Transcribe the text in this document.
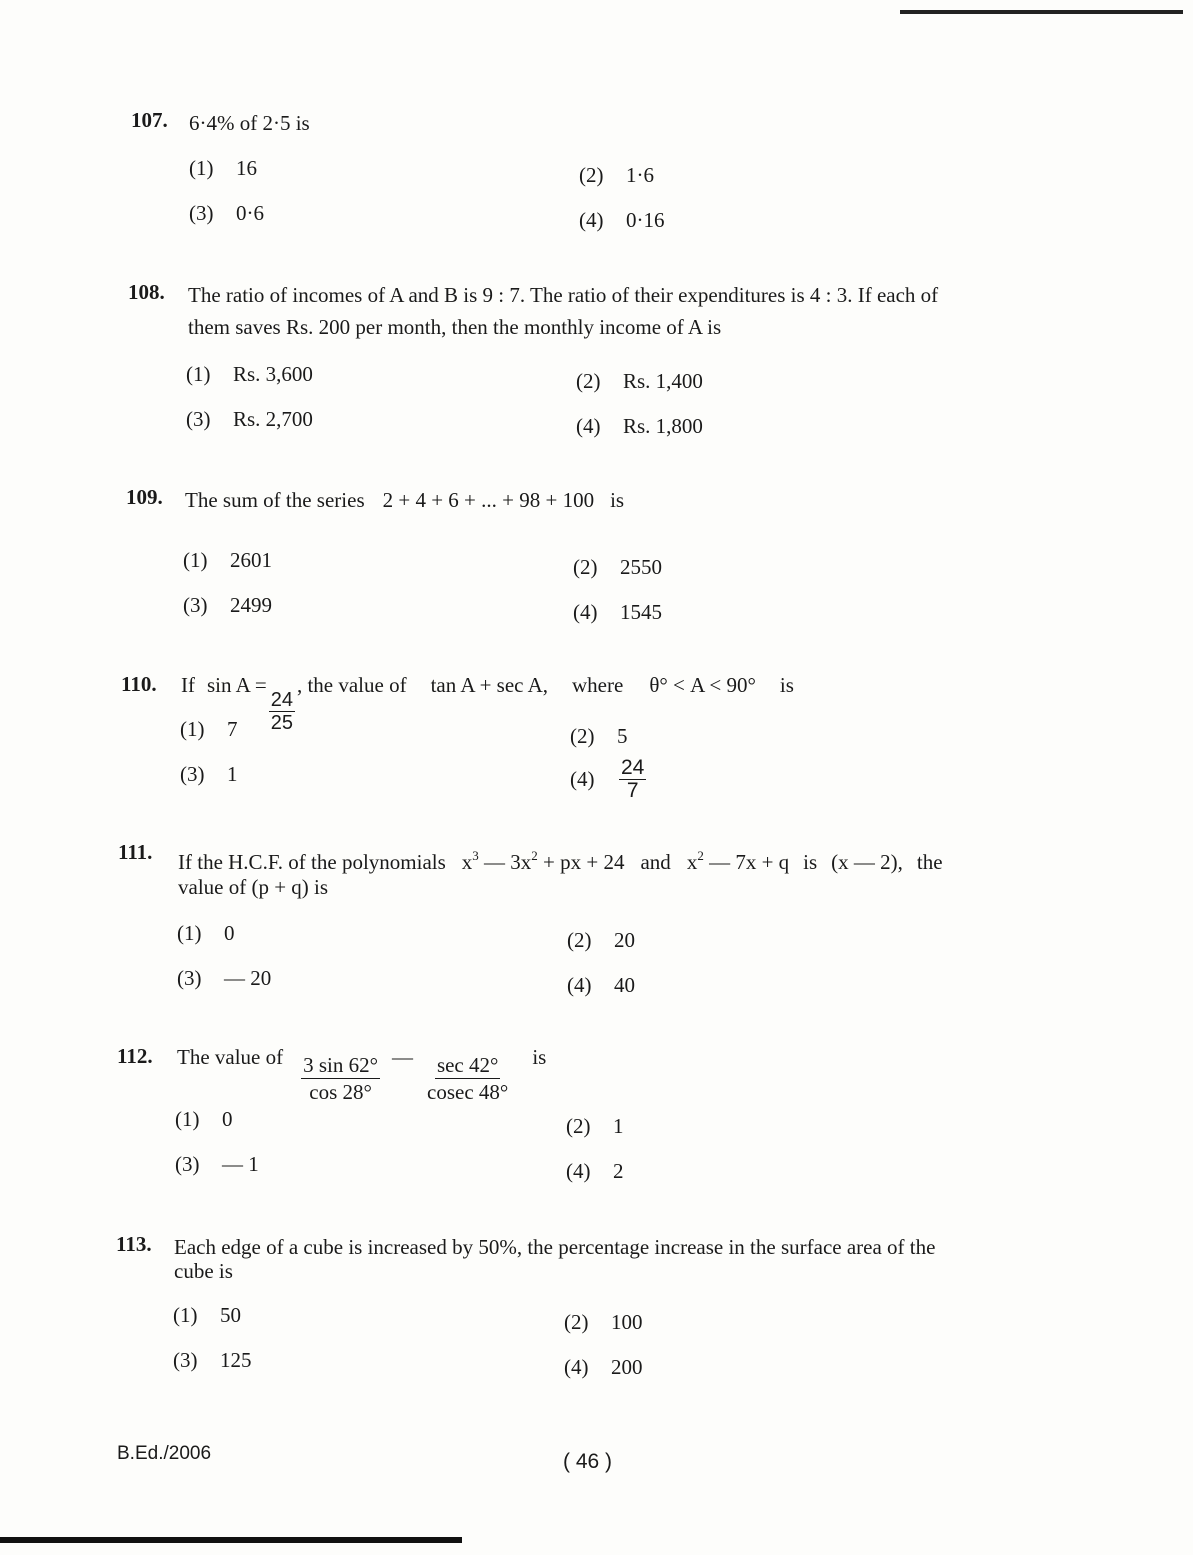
107. 6·4% of 2·5 is
(1) 16	(2) 1·6
(3) 0·6	(4) 0·16
108. The ratio of incomes of A and B is 9 : 7. The ratio of their expenditures is 4 : 3. If each of
them saves Rs. 200 per month, then the monthly income of A is
(1) Rs. 3,600	(2) Rs. 1,400
(3) Rs. 2,700	(4) Rs. 1,800
109. The sum of the series 2 + 4 + 6 + ... + 98 + 100 is
(1) 2601	(2) 2550
(3) 2499	(4) 1545
110. If sin A =
$\frac{24}{25}$
, the value of tan A + sec A, where θ° < A < 90° is
(1) 7	(2) 5
(3) 1	$(4) \frac{24}{7}$
111. If the H.C.F. of the polynomials $x^3$ — $3x^2$ + px + 24 and $x^2$ — 7x + q is (x — 2), the
value of (p + q) is
(1) 0	(2) 20
(3) — 20	(4) 40
112. The value of $\frac{3 \sin 62^\circ}{\cos 28^\circ}$ — $\frac{\sec 42^\circ}{cosec 48^\circ}$ is
(1) 0	(2) 1
(3) — 1	(4) 2
113. Each edge of a cube is increased by 50%, the percentage increase in the surface area of the
cube is
(1) 50	(2) 100
(3) 125	(4) 200
B.Ed./2006	( 46 )
